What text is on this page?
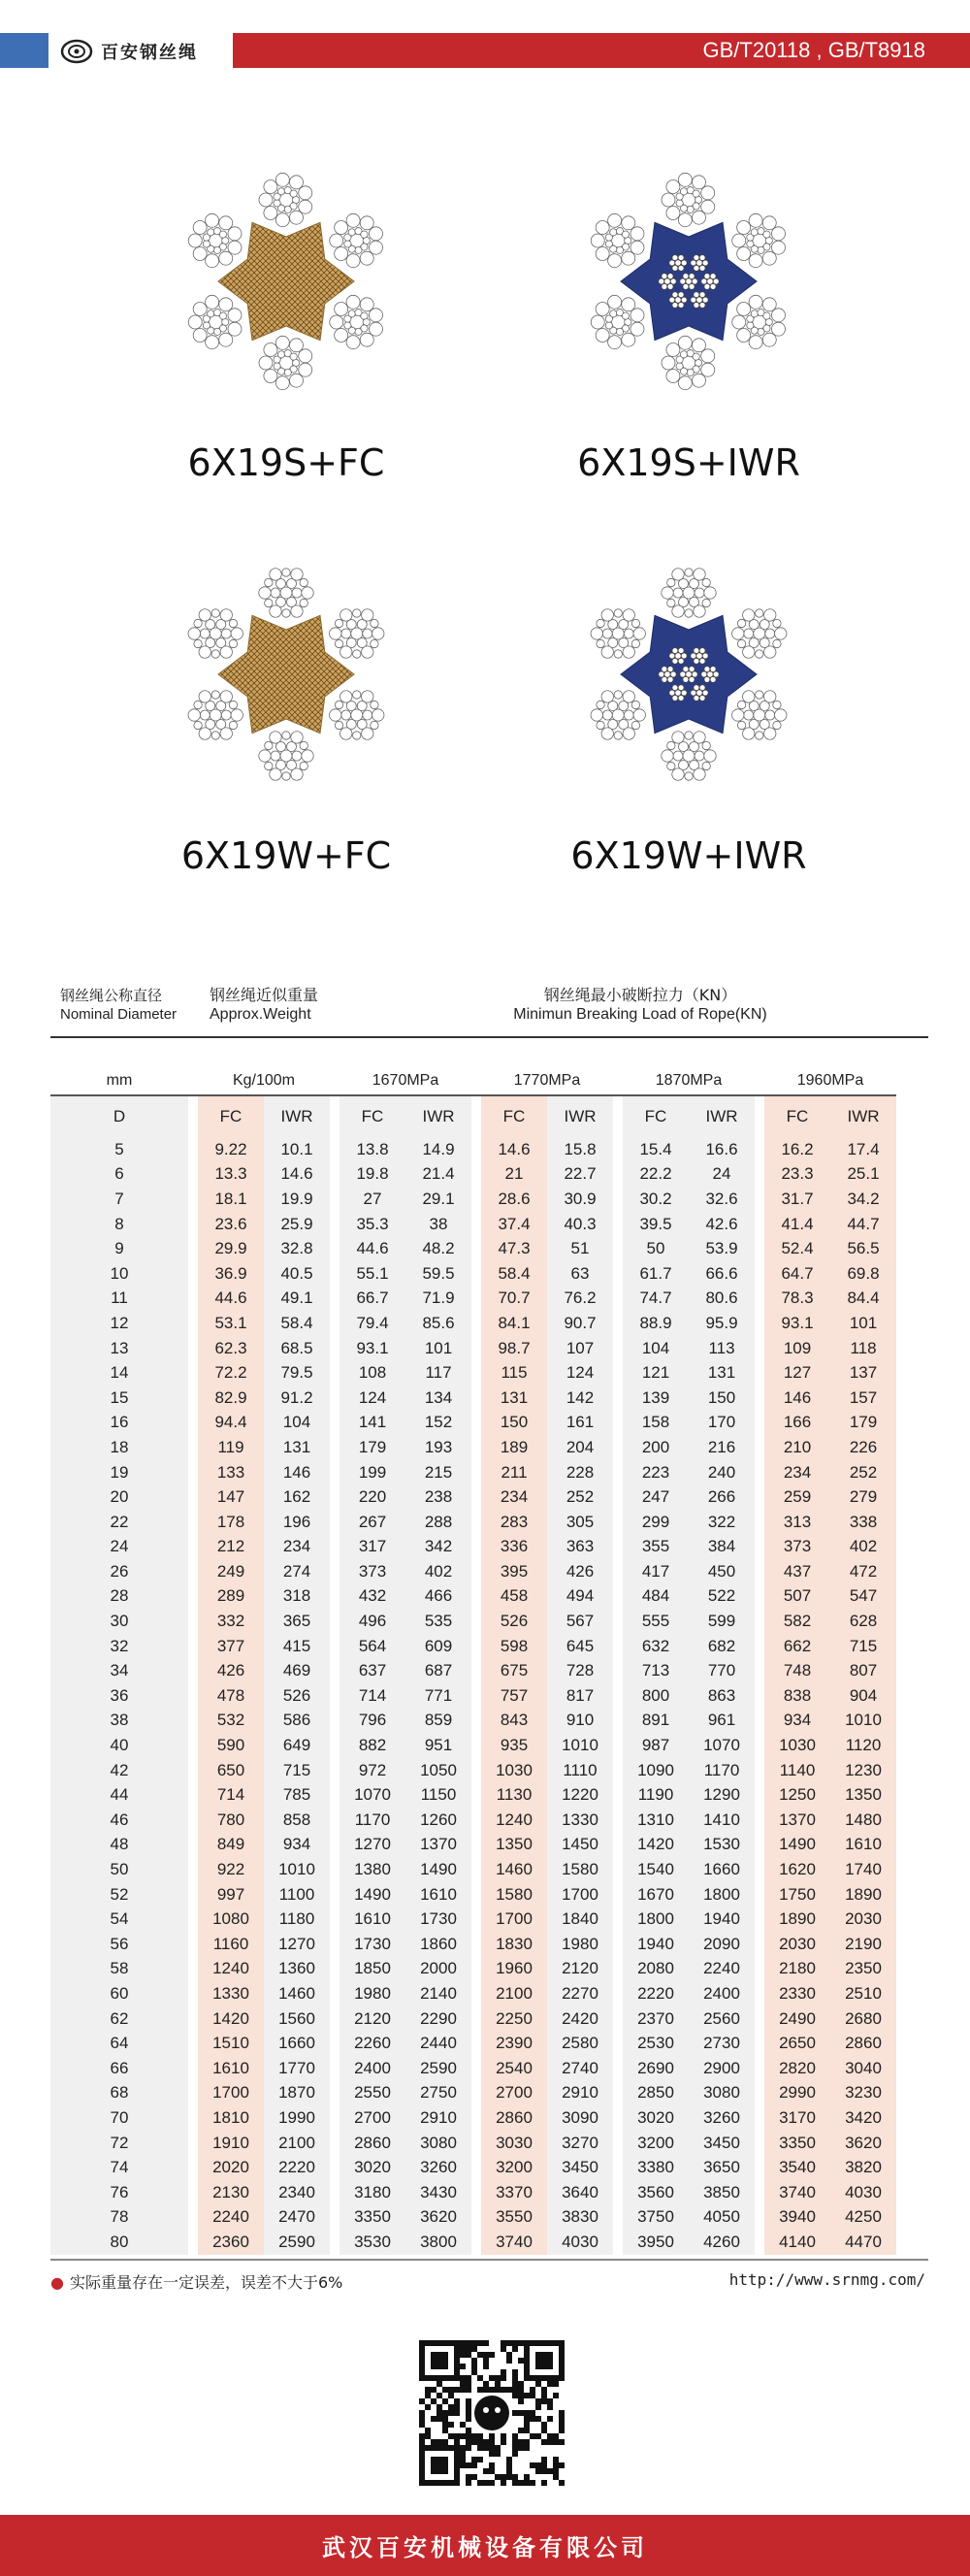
百安钢丝绳	GB/T20118 , GB/T8918
6X19S+FC	6X19S+IWR
6X19W+FC	6X19W+IWR
钢丝绳公称直径
Nominal Diameter
钢丝绳近似重量
Approx.Weight
钢丝绳最小破断拉力（KN）
Minimun Breaking Load of Rope(KN)
mm		Kg/100m			1670MPa			1770MPa			1870MPa			1960MPa	
D		FC	IWR		FC	IWR		FC	IWR		FC	IWR		FC	IWR
5		9.22	10.1		13.8	14.9		14.6	15.8		15.4	16.6		16.2	17.4
6		13.3	14.6		19.8	21.4		21	22.7		22.2	24		23.3	25.1
7		18.1	19.9		27	29.1		28.6	30.9		30.2	32.6		31.7	34.2
8		23.6	25.9		35.3	38		37.4	40.3		39.5	42.6		41.4	44.7
9		29.9	32.8		44.6	48.2		47.3	51		50	53.9		52.4	56.5
10		36.9	40.5		55.1	59.5		58.4	63		61.7	66.6		64.7	69.8
11		44.6	49.1		66.7	71.9		70.7	76.2		74.7	80.6		78.3	84.4
12		53.1	58.4		79.4	85.6		84.1	90.7		88.9	95.9		93.1	101
13		62.3	68.5		93.1	101		98.7	107		104	113		109	118
14		72.2	79.5		108	117		115	124		121	131		127	137
15		82.9	91.2		124	134		131	142		139	150		146	157
16		94.4	104		141	152		150	161		158	170		166	179
18		119	131		179	193		189	204		200	216		210	226
19		133	146		199	215		211	228		223	240		234	252
20		147	162		220	238		234	252		247	266		259	279
22		178	196		267	288		283	305		299	322		313	338
24		212	234		317	342		336	363		355	384		373	402
26		249	274		373	402		395	426		417	450		437	472
28		289	318		432	466		458	494		484	522		507	547
30		332	365		496	535		526	567		555	599		582	628
32		377	415		564	609		598	645		632	682		662	715
34		426	469		637	687		675	728		713	770		748	807
36		478	526		714	771		757	817		800	863		838	904
38		532	586		796	859		843	910		891	961		934	1010
40		590	649		882	951		935	1010		987	1070		1030	1120
42		650	715		972	1050		1030	1110		1090	1170		1140	1230
44		714	785		1070	1150		1130	1220		1190	1290		1250	1350
46		780	858		1170	1260		1240	1330		1310	1410		1370	1480
48		849	934		1270	1370		1350	1450		1420	1530		1490	1610
50		922	1010		1380	1490		1460	1580		1540	1660		1620	1740
52		997	1100		1490	1610		1580	1700		1670	1800		1750	1890
54		1080	1180		1610	1730		1700	1840		1800	1940		1890	2030
56		1160	1270		1730	1860		1830	1980		1940	2090		2030	2190
58		1240	1360		1850	2000		1960	2120		2080	2240		2180	2350
60		1330	1460		1980	2140		2100	2270		2220	2400		2330	2510
62		1420	1560		2120	2290		2250	2420		2370	2560		2490	2680
64		1510	1660		2260	2440		2390	2580		2530	2730		2650	2860
66		1610	1770		2400	2590		2540	2740		2690	2900		2820	3040
68		1700	1870		2550	2750		2700	2910		2850	3080		2990	3230
70		1810	1990		2700	2910		2860	3090		3020	3260		3170	3420
72		1910	2100		2860	3080		3030	3270		3200	3450		3350	3620
74		2020	2220		3020	3260		3200	3450		3380	3650		3540	3820
76		2130	2340		3180	3430		3370	3640		3560	3850		3740	4030
78		2240	2470		3350	3620		3550	3830		3750	4050		3940	4250
80		2360	2590		3530	3800		3740	4030		3950	4260		4140	4470
● 实际重量存在一定误差，误差不大于6%	http://www.srnmg.com/
武汉百安机械设备有限公司
